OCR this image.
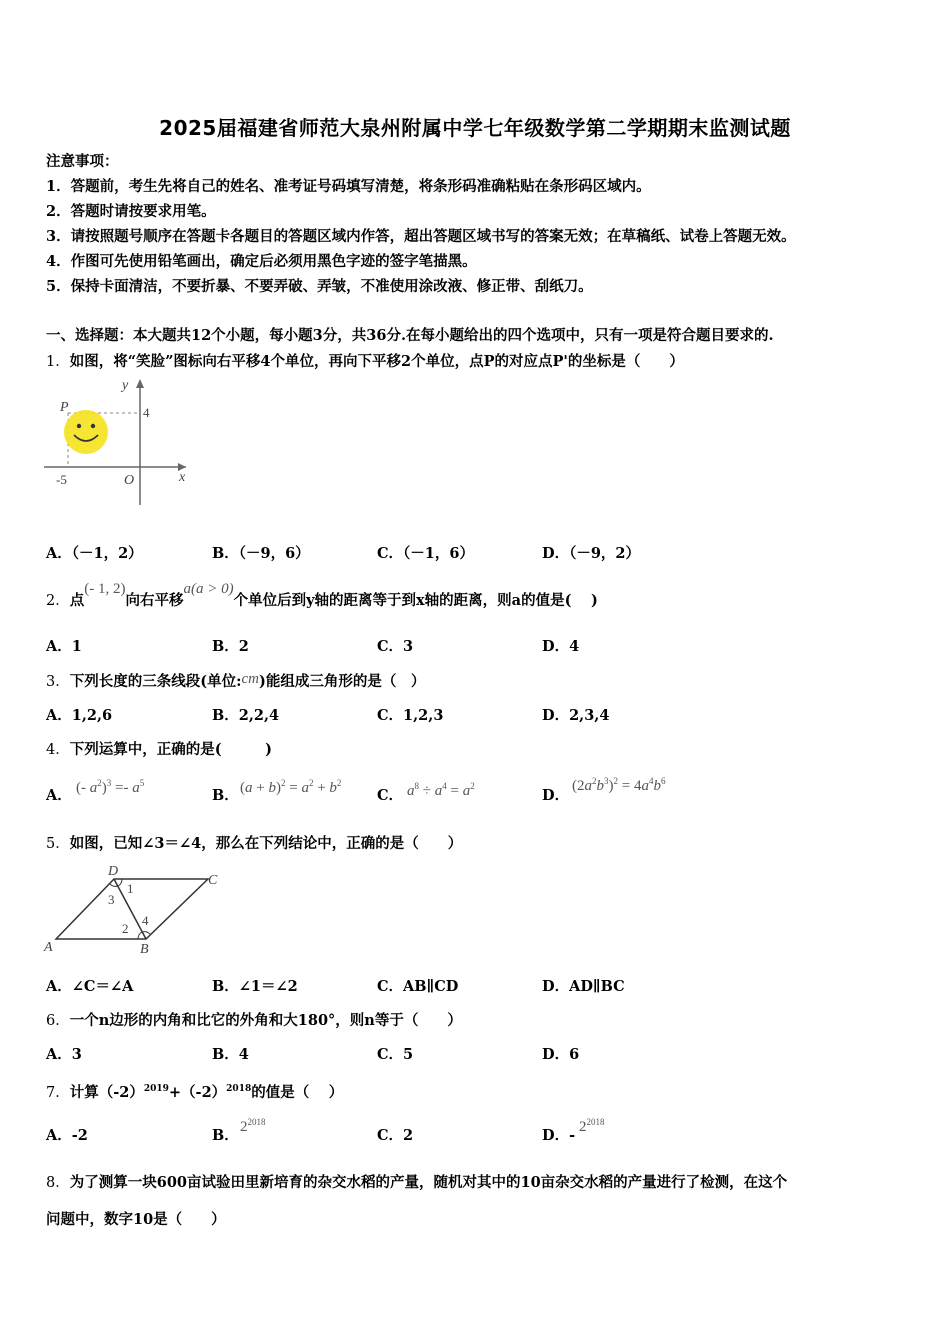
2025届福建省师范大泉州附属中学七年级数学第二学期期末监测试题
注意事项：
1．答题前，考生先将自己的姓名、准考证号码填写清楚，将条形码准确粘贴在条形码区域内。
2．答题时请按要求用笔。
3．请按照题号顺序在答题卡各题目的答题区域内作答，超出答题区域书写的答案无效；在草稿纸、试卷上答题无效。
4．作图可先使用铅笔画出，确定后必须用黑色字迹的签字笔描黑。
5．保持卡面清洁，不要折暴、不要弄破、弄皱，不准使用涂改液、修正带、刮纸刀。
一、选择题：本大题共12个小题，每小题3分，共36分.在每小题给出的四个选项中，只有一项是符合题目要求的.
1．如图，将“笑脸”图标向右平移4个单位，再向下平移2个单位，点P的对应点P'的坐标是（　　）
P
y
x
4
-5	O
A．（－1，2）	B．（－9，6）	C．（－1，6）	D．（－9，2）
2．点(- 1, 2)向右平移a(a > 0)个单位后到y轴的距离等于到x轴的距离，则a的值是(　 )
A．1	B．2	C．3	D．4
3．下列长度的三条线段(单位:cm)能组成三角形的是（　）
A．1,2,6	B．2,2,4	C．1,2,3	D．2,3,4
4．下列运算中，正确的是(　　　)
A． (- $a^2)^3 =- a^5$
B． $(a + b)^2 = a^2 + b^2$
C． $a^8 \div a^4 = a^2$
D．
$(2a^2b^3)^2 = 4a^4b^6$
5．如图，已知∠3＝∠4，那么在下列结论中，正确的是（　　）
A	B
C
D
1
2
3
4
A．∠C＝∠A	B．∠1＝∠2	C．AB∥CD	D．AD∥BC
6．一个n边形的内角和比它的外角和大180°，则n等于（　　）
A．3	B．4	C．5	D．6
7．计算$(-2)^{2019}+(-2)^{2018}$的值是（　 ）
A．-2	B． $2^{2018}$
C．2	D．- $2^{2018}$
8．为了测算一块600亩试验田里新培育的杂交水稻的产量，随机对其中的10亩杂交水稻的产量进行了检测，在这个
问题中，数字10是（　　）
